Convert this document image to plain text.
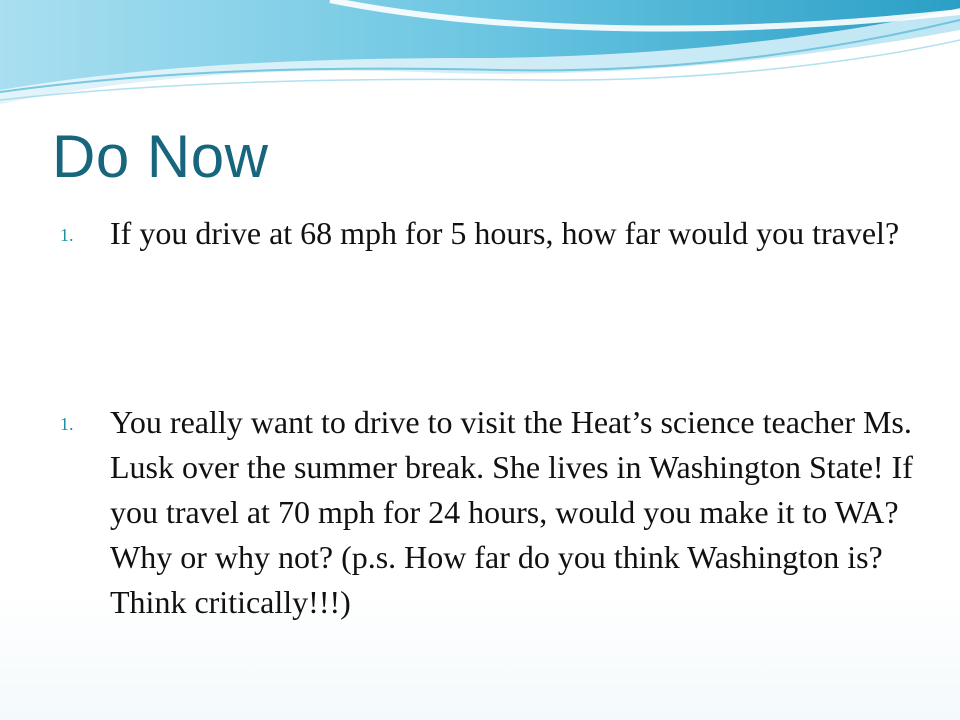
Do Now
1. If you drive at 68 mph for 5 hours, how far would you travel?
1. You really want to drive to visit the Heat’s science teacher Ms. Lusk over the summer break. She lives in Washington State! If you travel at 70 mph for 24 hours, would you make it to WA? Why or why not? (p.s. How far do you think Washington is? Think critically!!!)
